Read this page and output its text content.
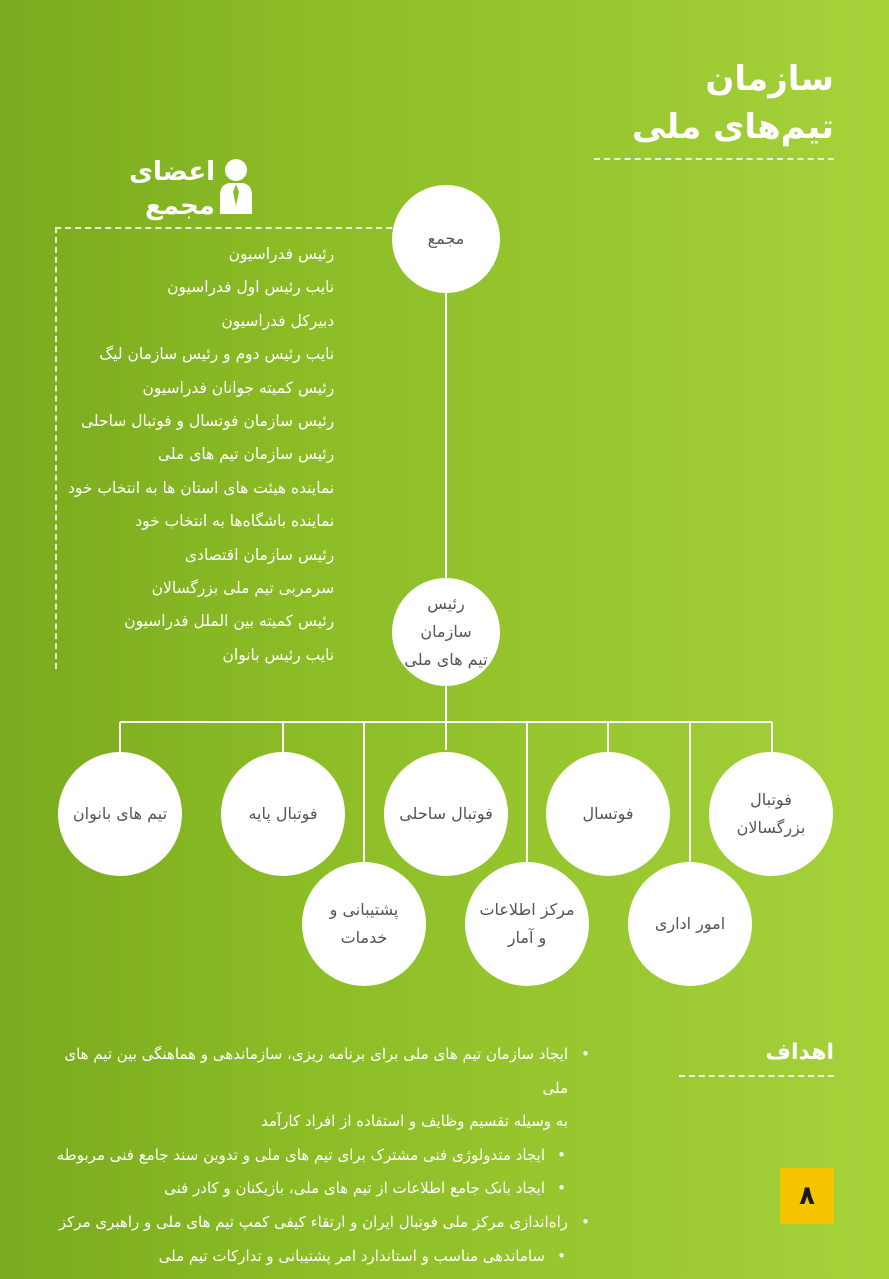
سازمان
تیم‌های ملی
اعضای
مجمع
رئیس فدراسیون
نایب رئیس اول فدراسیون
دبیرکل فدراسیون
نایب رئیس دوم و رئیس سازمان لیگ
رئیس کمیته جوانان فدراسیون
رئیس سازمان فوتسال و فوتبال ساحلی
رئیس سازمان تیم های ملی
نماینده هیئت های استان ها به انتخاب خود
نماینده باشگاه‌ها به انتخاب خود
رئیس سازمان اقتصادی
سرمربی تیم ملی بزرگسالان
رئیس کمیته بین الملل فدراسیون
نایب رئیس بانوان
مجمع
رئیس سازمان
تیم های ملی
فوتبال
بزرگسالان
امور اداری
فوتسال
مرکز اطلاعات
و آمار
فوتبال ساحلی
پشتیبانی و
خدمات
فوتبال پایه
تیم های بانوان
اهداف
• ایجاد سازمان تیم های ملی برای برنامه ریزی، سازماندهی و هماهنگی بین تیم های ملی
به وسیله تقسیم وظایف و استفاده از افراد کارآمد
• ایجاد متدولوژی فنی مشترک برای تیم های ملی و تدوین سند جامع فنی مربوطه
• ایجاد بانک جامع اطلاعات از تیم های ملی، بازیکنان و کادر فنی
• راه‌اندازی مرکز ملی فوتبال ایران و ارتقاء کیفی کمپ تیم های ملی و راهبری مرکز
• ساماندهی مناسب و استاندارد امر پشتیبانی و تدارکات تیم ملی
۸
